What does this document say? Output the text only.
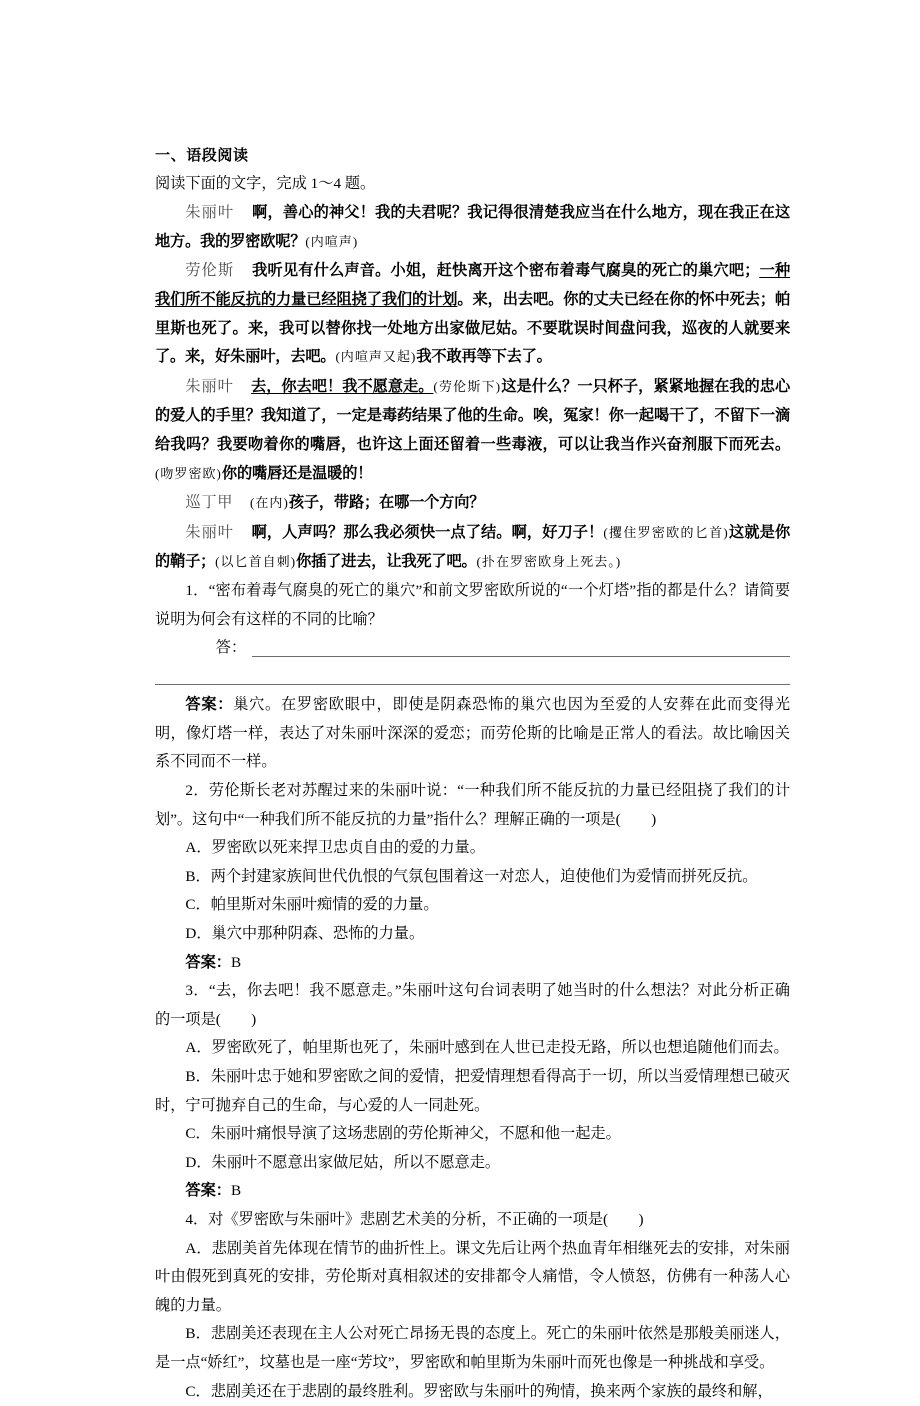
一、语段阅读
阅读下面的文字，完成 1～4 题。
朱丽叶 啊，善心的神父！我的夫君呢？我记得很清楚我应当在什么地方，现在我正在这地方。我的罗密欧呢？(内喧声)
劳伦斯 我听见有什么声音。小姐，赶快离开这个密布着毒气腐臭的死亡的巢穴吧；一种我们所不能反抗的力量已经阻挠了我们的计划。来，出去吧。你的丈夫已经在你的怀中死去；帕里斯也死了。来，我可以替你找一处地方出家做尼姑。不要耽误时间盘问我，巡夜的人就要来了。来，好朱丽叶，去吧。(内喧声又起)我不敢再等下去了。
朱丽叶 去，你去吧！我不愿意走。(劳伦斯下)这是什么？一只杯子，紧紧地握在我的忠心的爱人的手里？我知道了，一定是毒药结果了他的生命。唉，冤家！你一起喝干了，不留下一滴给我吗？我要吻着你的嘴唇，也许这上面还留着一些毒液，可以让我当作兴奋剂服下而死去。(吻罗密欧)你的嘴唇还是温暖的！
巡丁甲 (在内)孩子，带路；在哪一个方向？
朱丽叶 啊，人声吗？那么我必须快一点了结。啊，好刀子！(攫住罗密欧的匕首)这就是你的鞘子；(以匕首自刺)你插了进去，让我死了吧。(扑在罗密欧身上死去。)
1．“密布着毒气腐臭的死亡的巢穴”和前文罗密欧所说的“一个灯塔”指的都是什么？请简要说明为何会有这样的不同的比喻？
答：
答案：巢穴。在罗密欧眼中，即使是阴森恐怖的巢穴也因为至爱的人安葬在此而变得光明，像灯塔一样，表达了对朱丽叶深深的爱恋；而劳伦斯的比喻是正常人的看法。故比喻因关系不同而不一样。
2．劳伦斯长老对苏醒过来的朱丽叶说：“一种我们所不能反抗的力量已经阻挠了我们的计划”。这句中“一种我们所不能反抗的力量”指什么？理解正确的一项是(　　)
A．罗密欧以死来捍卫忠贞自由的爱的力量。
B．两个封建家族间世代仇恨的气氛包围着这一对恋人，迫使他们为爱情而拼死反抗。
C．帕里斯对朱丽叶痴情的爱的力量。
D．巢穴中那种阴森、恐怖的力量。
答案：B
3．“去，你去吧！我不愿意走。”朱丽叶这句台词表明了她当时的什么想法？对此分析正确的一项是(　　)
A．罗密欧死了，帕里斯也死了，朱丽叶感到在人世已走投无路，所以也想追随他们而去。
B．朱丽叶忠于她和罗密欧之间的爱情，把爱情理想看得高于一切，所以当爱情理想已破灭时，宁可抛弃自己的生命，与心爱的人一同赴死。
C．朱丽叶痛恨导演了这场悲剧的劳伦斯神父，不愿和他一起走。
D．朱丽叶不愿意出家做尼姑，所以不愿意走。
答案：B
4．对《罗密欧与朱丽叶》悲剧艺术美的分析，不正确的一项是(　　)
A．悲剧美首先体现在情节的曲折性上。课文先后让两个热血青年相继死去的安排，对朱丽叶由假死到真死的安排，劳伦斯对真相叙述的安排都令人痛惜，令人愤怒，仿佛有一种荡人心魄的力量。
B．悲剧美还表现在主人公对死亡昂扬无畏的态度上。死亡的朱丽叶依然是那般美丽迷人，是一点“娇红”，坟墓也是一座“芳坟”，罗密欧和帕里斯为朱丽叶而死也像是一种挑战和享受。
C．悲剧美还在于悲剧的最终胜利。罗密欧与朱丽叶的殉情，换来两个家族的最终和解，
